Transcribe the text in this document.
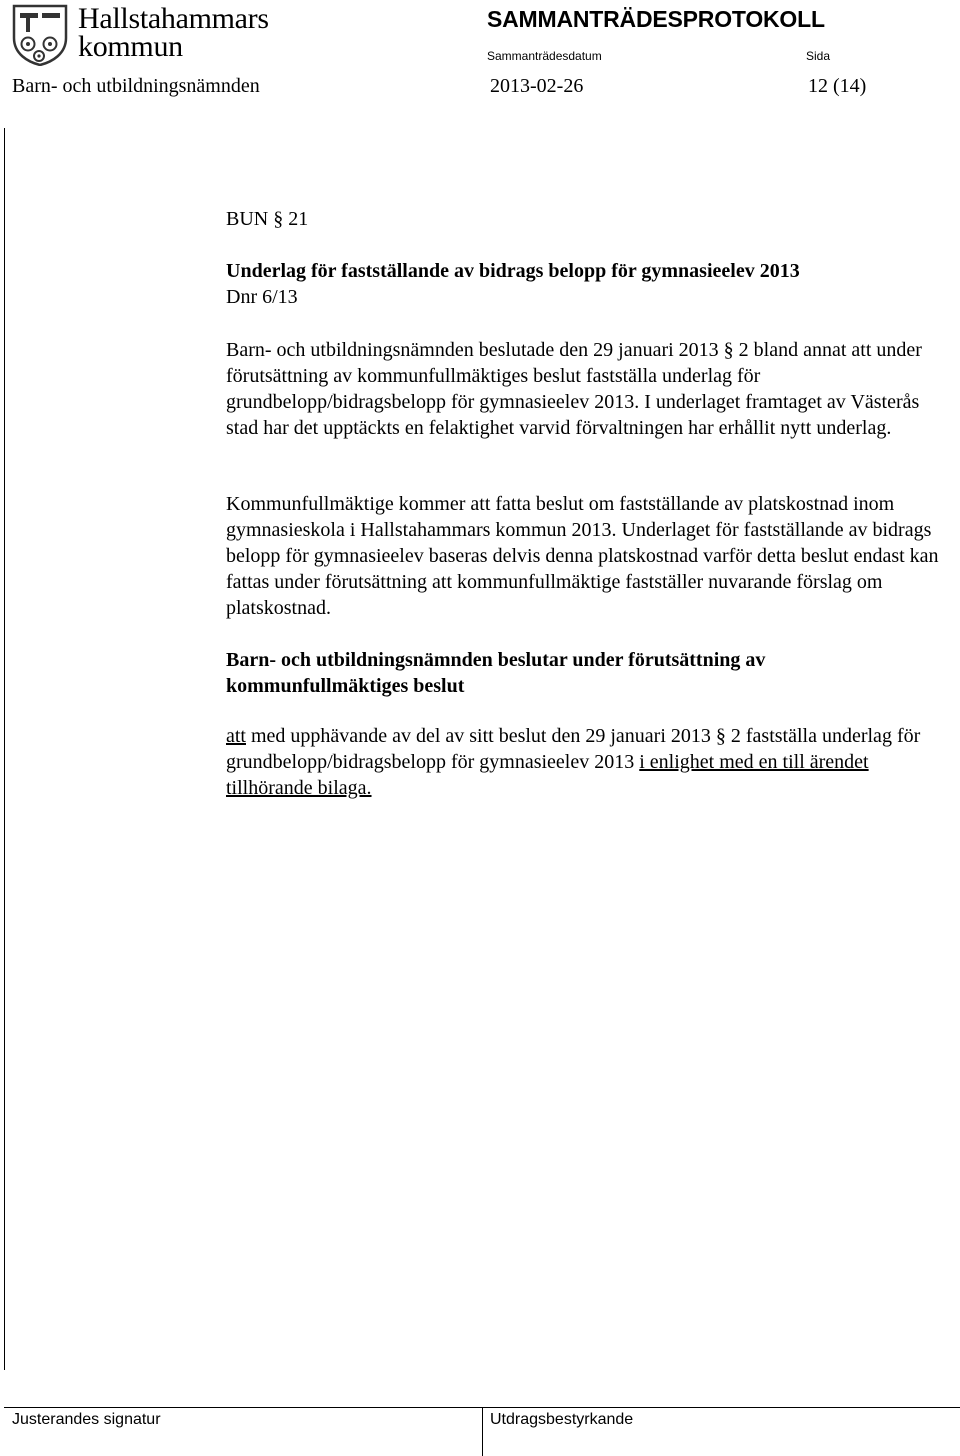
Hallstahammars
kommun
SAMMANTRÄDESPROTOKOLL
Sammanträdesdatum	Sida
Barn- och utbildningsnämnden	2013-02-26	12 (14)
BUN § 21
Underlag för fastställande av bidrags belopp för gymnasieelev 2013
Dnr 6/13

Barn- och utbildningsnämnden beslutade den 29 januari 2013 § 2 bland annat att under förutsättning av kommunfullmäktiges beslut fastställa underlag för grundbelopp/bidragsbelopp för gymnasieelev 2013. I underlaget framtaget av Västerås stad har det upptäckts en felaktighet varvid förvaltningen har erhållit nytt underlag.

Kommunfullmäktige kommer att fatta beslut om fastställande av platskostnad inom gymnasieskola i Hallstahammars kommun 2013. Underlaget för fastställande av bidrags belopp för gymnasieelev baseras delvis denna platskostnad varför detta beslut endast kan fattas under förutsättning att kommunfullmäktige fastställer nuvarande förslag om platskostnad.

Barn- och utbildningsnämnden beslutar under förutsättning av kommunfullmäktiges beslut

att med upphävande av del av sitt beslut den 29 januari 2013 § 2 fastställa underlag för grundbelopp/bidragsbelopp för gymnasieelev 2013 i enlighet med en till ärendet tillhörande bilaga.

Justerandes signatur	Utdragsbestyrkande
